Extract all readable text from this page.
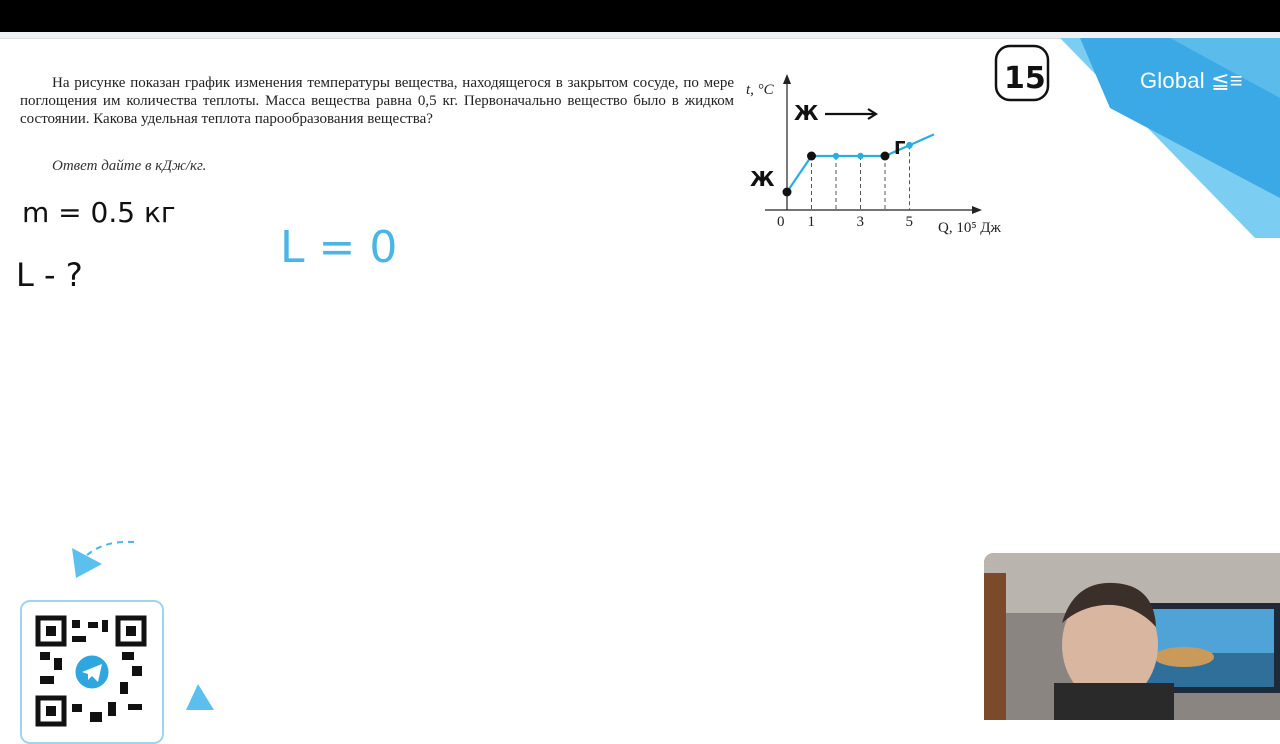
На рисунке показан график изменения температуры вещества, находящегося в закрытом сосуде, по мере поглощения им количества теплоты. Масса вещества равна 0,5 кг. Первоначально вещество было в жидком состоянии. Какова удельная теплота парообразования вещества?

Ответ дайте в кДж/кг.
t, °C
Q, 10⁵ Дж
0 1	3	5
Ж
Ж
Г
Global ≦≡
15
m = 0.5 кг
L - ?
L = 0
